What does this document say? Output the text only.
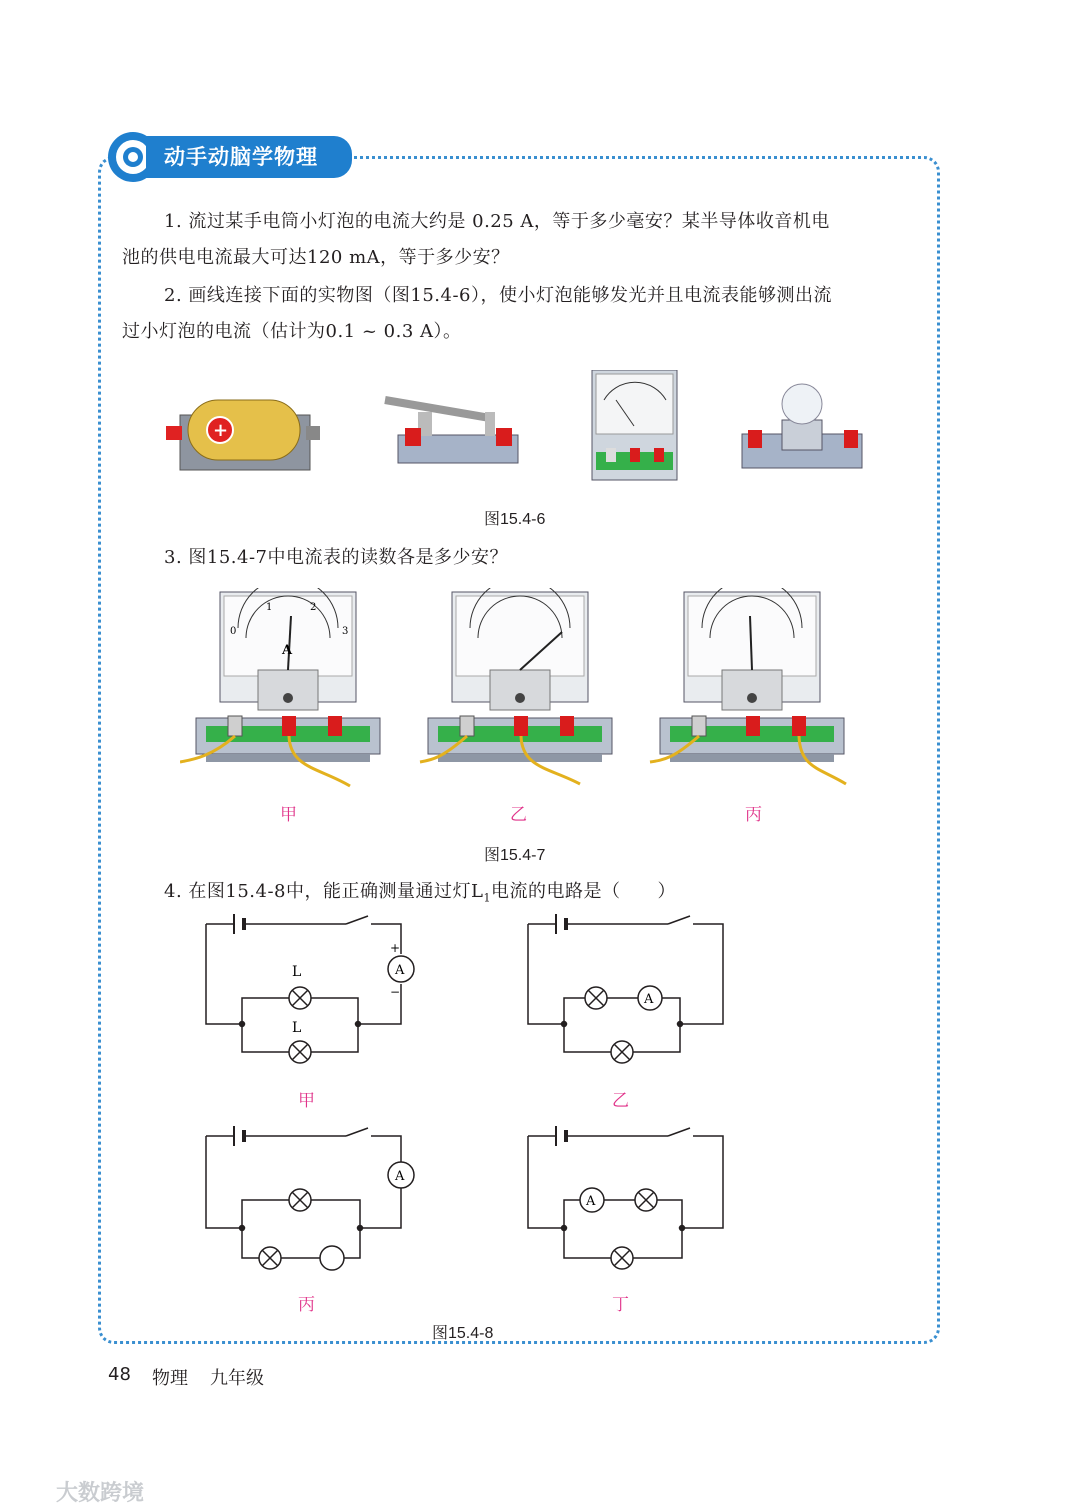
动手动脑学物理
1. 流过某手电筒小灯泡的电流大约是 0.25 A，等于多少毫安？某半导体收音机电
池的供电电流最大可达120 mA，等于多少安？
2. 画线连接下面的实物图（图15.4-6），使小灯泡能够发光并且电流表能够测出流
过小灯泡的电流（估计为0.1 ~ 0.3 A）。
+
图15.4-6
3. 图15.4-7中电流表的读数各是多少安？
0
1	2
3
A
甲	乙	丙
图15.4-7
4. 在图15.4-8中，能正确测量通过灯$L_1$电流的电路是（　　）
A
+
−
L
L
A
A
A
甲	乙
丙	丁
图15.4-8
48 物理 九年级
大数跨境
